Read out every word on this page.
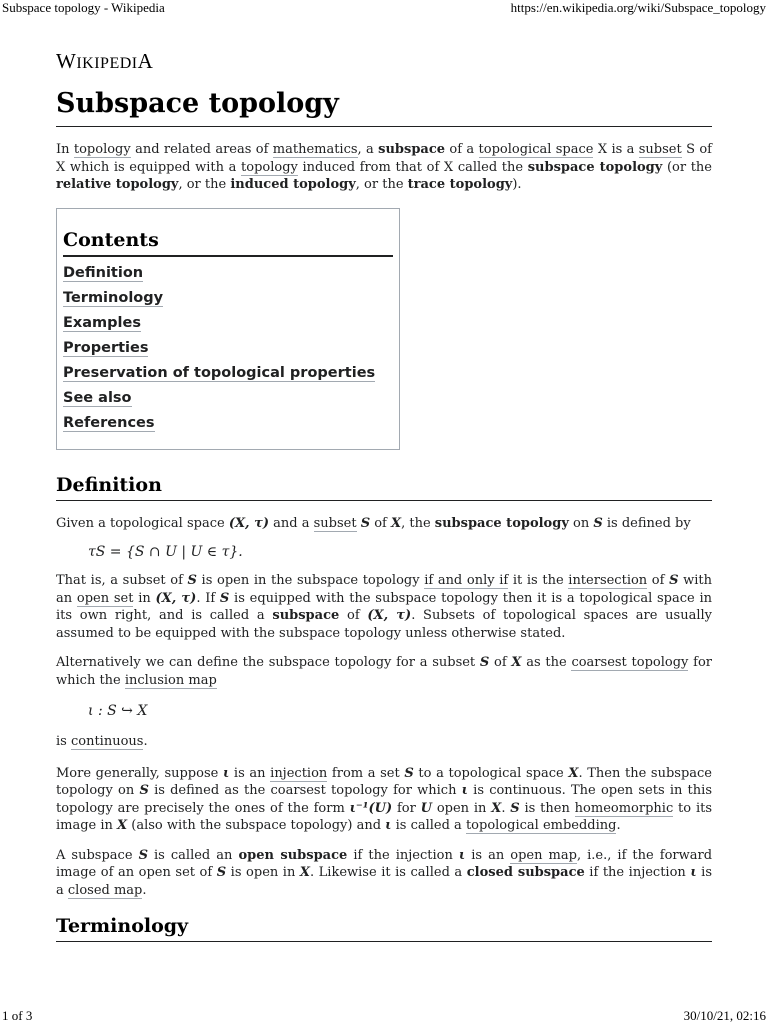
Subspace topology - Wikipedia	https://en.wikipedia.org/wiki/Subspace_topology
WIKIPEDIA
Subspace topology

In topology and related areas of mathematics, a subspace of a topological space X is a subset S of X which is equipped with a topology induced from that of X called the subspace topology (or the relative topology, or the induced topology, or the trace topology).

Contents
Definition
Terminology
Examples
Properties
Preservation of topological properties
See also
References
Definition

Given a topological space (X, τ) and a subset S of X, the subspace topology on S is defined by

τS = {S ∩ U | U ∈ τ}.

That is, a subset of S is open in the subspace topology if and only if it is the intersection of S with an open set in (X, τ). If S is equipped with the subspace topology then it is a topological space in its own right, and is called a subspace of (X, τ). Subsets of topological spaces are usually assumed to be equipped with the subspace topology unless otherwise stated.

Alternatively we can define the subspace topology for a subset S of X as the coarsest topology for which the inclusion map

ι : S ↪ X

is continuous.

More generally, suppose ι is an injection from a set S to a topological space X. Then the subspace topology on S is defined as the coarsest topology for which ι is continuous. The open sets in this topology are precisely the ones of the form ι⁻¹(U) for U open in X. S is then homeomorphic to its image in X (also with the subspace topology) and ι is called a topological embedding.

A subspace S is called an open subspace if the injection ι is an open map, i.e., if the forward image of an open set of S is open in X. Likewise it is called a closed subspace if the injection ι is a closed map.

Terminology
1 of 3	30/10/21, 02:16
